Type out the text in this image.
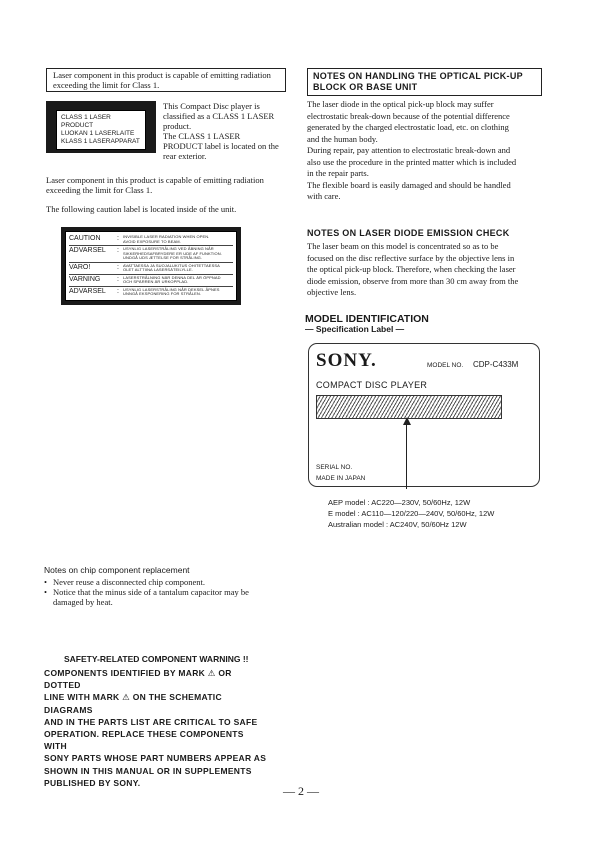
Laser component in this product is capable of emitting radiation
exceeding the limit for Class 1.
CLASS 1 LASER PRODUCT
LUOKAN 1 LASERLAITE
KLASS 1 LASERAPPARAT
This Compact Disc player is
classified as a CLASS 1 LASER
product.
The CLASS 1 LASER
PRODUCT label is located on the
rear exterior.
Laser component in this product is capable of emitting radiation
exceeding the limit for Class 1.
The following caution label is located inside of the unit.
CAUTION	:	INVISIBLE LASER RADIATION WHEN OPEN.
AVOID EXPOSURE TO BEAM.
ADVARSEL	:	USYNLIG LASERSTRÅLING VED ÅBNING NÅR
SIKKERHEDSAFBRYDERE ER UDE AF FUNKTION.
UNDGÅ UDS ÆTTELSE FOR STRÅLING.
VARO!	:	AVATTAESSA JA SUOJALUKITUS OHITETTAESSA
OLET ALTTIINA LASERSÄTEILYLLE.
VARNING	:	LASERSTRÅLNING NÄR DENNA DEL ÄR ÖPPNAD
OCH SPÄRREN ÄR URKOPPLAD.
ADVARSEL	:	USYNLIG LASERSTRÅLING NÅR DEKSEL ÅPNES
UNNGÅ EKSPONERING FOR STRÅLEN.
NOTES ON HANDLING THE OPTICAL PICK-UP
BLOCK OR BASE UNIT
The laser diode in the optical pick-up block may suffer
electrostatic break-down because of the potential difference
generated by the charged electrostatic load, etc. on clothing
and the human body.
During repair, pay attention to electrostatic break-down and
also use the procedure in the printed matter which is included
in the repair parts.
The flexible board is easily damaged and should be handled
with care.
NOTES ON LASER DIODE EMISSION CHECK
The laser beam on this model is concentrated so as to be
focused on the disc reflective surface by the objective lens in
the optical pick-up block. Therefore, when checking the laser
diode emission, observe from more than 30 cm away from the
objective lens.
MODEL IDENTIFICATION
— Specification Label —
SONY.	MODEL NO. CDP-C433M
COMPACT DISC PLAYER
SERIAL NO.
MADE IN JAPAN
AEP model : AC220—230V, 50/60Hz, 12W
E model : AC110—120/220—240V, 50/60Hz, 12W
Australian model : AC240V, 50/60Hz 12W
Notes on chip component replacement
• Never reuse a disconnected chip component.
• Notice that the minus side of a tantalum capacitor may be
damaged by heat.
SAFETY-RELATED COMPONENT WARNING !!
COMPONENTS IDENTIFIED BY MARK ⚠ OR DOTTED
LINE WITH MARK ⚠ ON THE SCHEMATIC DIAGRAMS
AND IN THE PARTS LIST ARE CRITICAL TO SAFE
OPERATION. REPLACE THESE COMPONENTS WITH
SONY PARTS WHOSE PART NUMBERS APPEAR AS
SHOWN IN THIS MANUAL OR IN SUPPLEMENTS
PUBLISHED BY SONY.
— 2 —
